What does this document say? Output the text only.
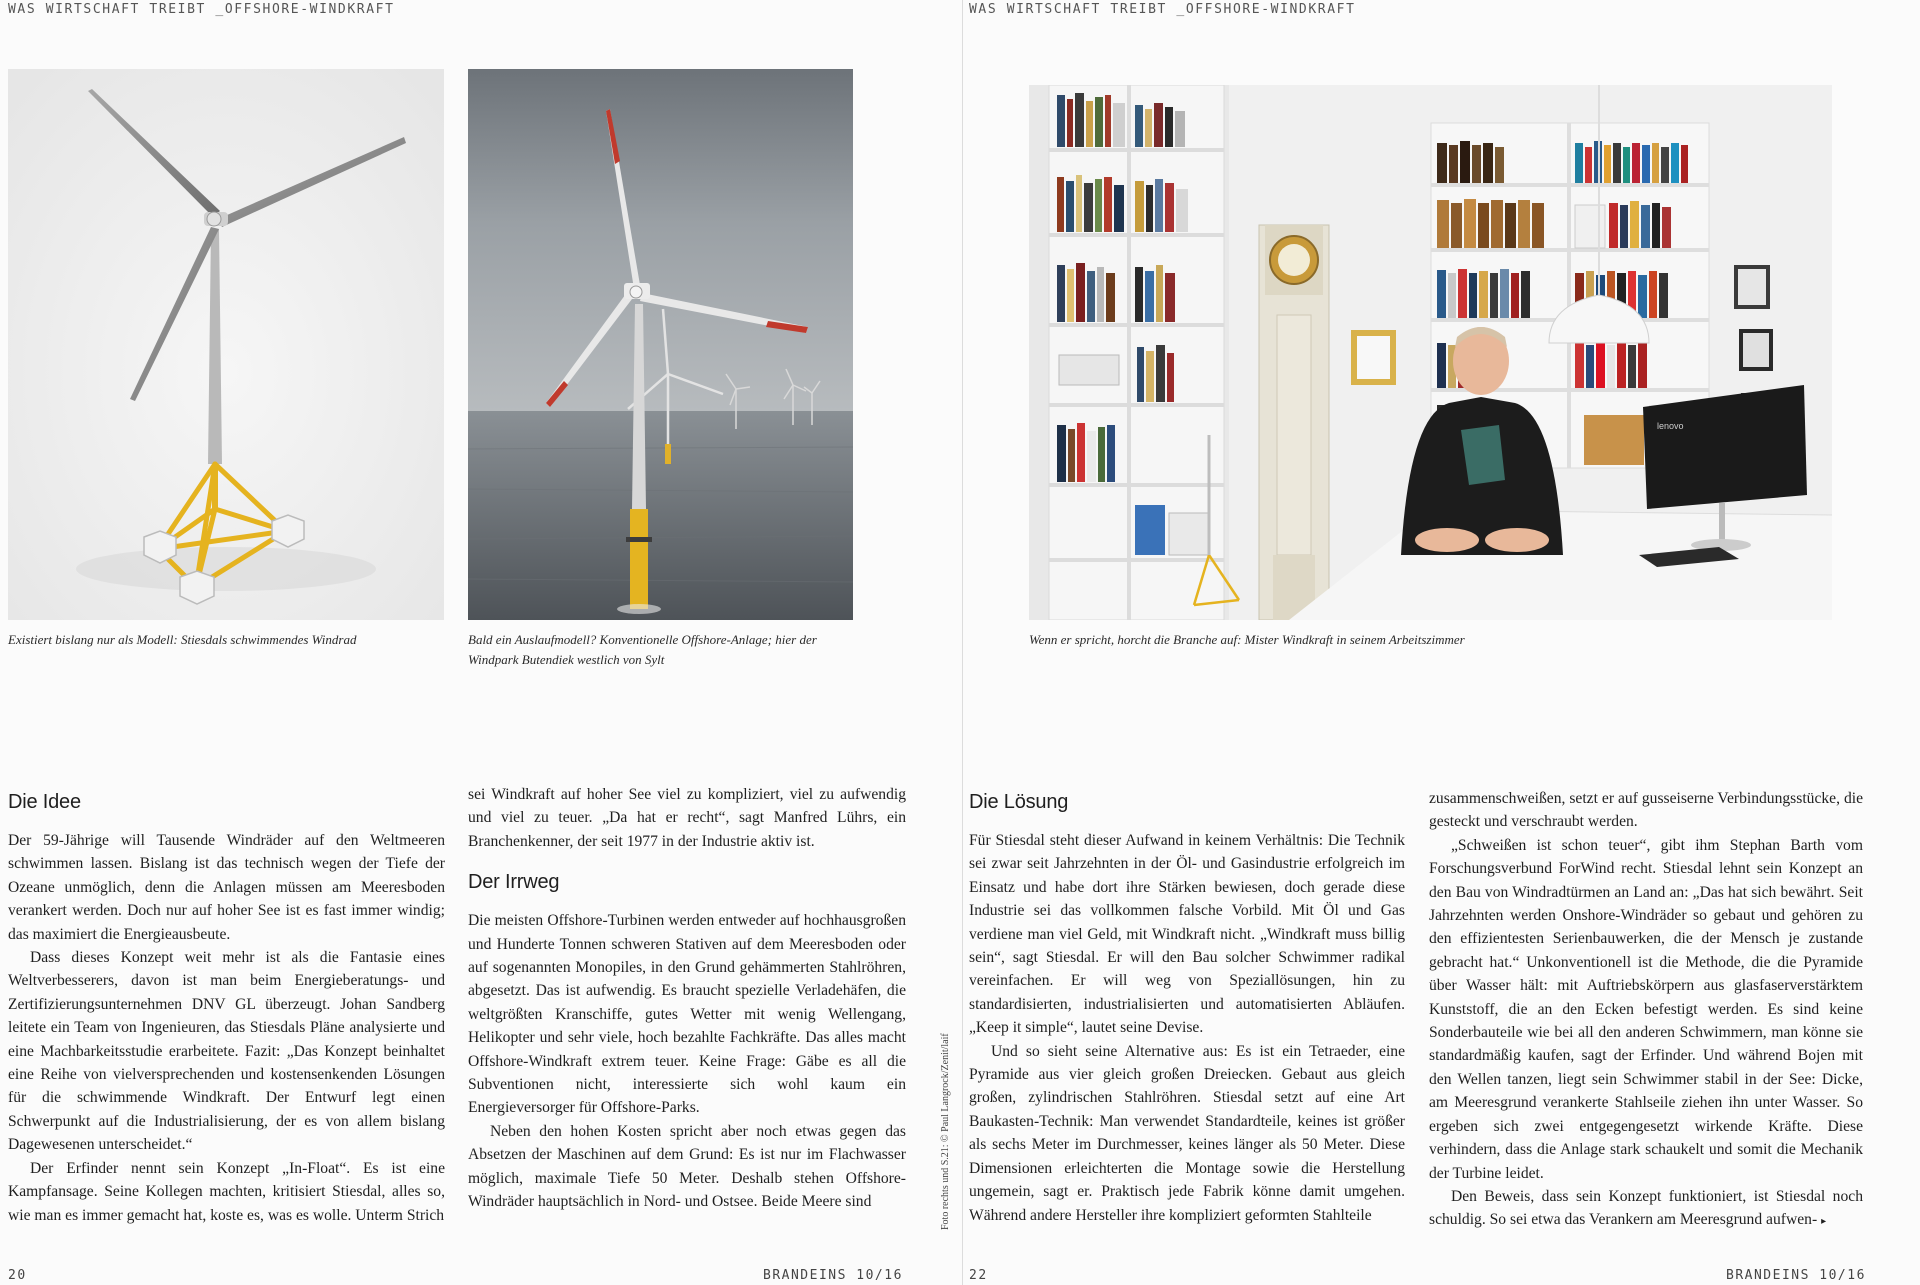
WAS WIRTSCHAFT TREIBT _OFFSHORE-WINDKRAFT
Existiert bislang nur als Modell: Stiesdals schwimmendes Windrad	Bald ein Auslaufmodell? Konventionelle Offshore-Anlage; hier der Windpark Butendiek westlich von Sylt
Die Idee

Der 59-Jährige will Tausende Windräder auf den Weltmeeren schwimmen lassen. Bislang ist das technisch wegen der Tiefe der Ozeane unmöglich, denn die Anlagen müssen am Meeresboden verankert werden. Doch nur auf hoher See ist es fast immer windig; das maximiert die Energieausbeute.

Dass dieses Konzept weit mehr ist als die Fantasie eines Weltverbesserers, davon ist man beim Energieberatungs- und Zertifizierungsunternehmen DNV GL überzeugt. Johan Sandberg leitete ein Team von Ingenieuren, das Stiesdals Pläne analysierte und eine Machbarkeitsstudie erarbeitete. Fazit: „Das Konzept beinhaltet eine Reihe von vielversprechenden und kostensenkenden Lösungen für die schwimmende Windkraft. Der Entwurf legt einen Schwerpunkt auf die Industrialisierung, der es von allem bislang Dagewesenen unterscheidet.“

Der Erfinder nennt sein Konzept „In-Float“. Es ist eine Kampfansage. Seine Kollegen machten, kritisiert Stiesdal, alles so, wie man es immer gemacht hat, koste es, was es wolle. Unterm Strich

sei Windkraft auf hoher See viel zu kompliziert, viel zu aufwendig und viel zu teuer. „Da hat er recht“, sagt Manfred Lührs, ein Branchenkenner, der seit 1977 in der Industrie aktiv ist.

Der Irrweg

Die meisten Offshore-Turbinen werden entweder auf hochhausgroßen und Hunderte Tonnen schweren Stativen auf dem Meeresboden oder auf sogenannten Monopiles, in den Grund gehämmerten Stahlröhren, abgesetzt. Das ist aufwendig. Es braucht spezielle Verladehäfen, die weltgrößten Kranschiffe, gutes Wetter mit wenig Wellengang, Helikopter und sehr viele, hoch bezahlte Fachkräfte. Das alles macht Offshore-Windkraft extrem teuer. Keine Frage: Gäbe es all die Subventionen nicht, interessierte sich wohl kaum ein Energieversorger für Offshore-Parks.

Neben den hohen Kosten spricht aber noch etwas gegen das Absetzen der Maschinen auf dem Grund: Es ist nur im Flachwasser möglich, maximale Tiefe 50 Meter. Deshalb stehen Offshore-Windräder hauptsächlich in Nord- und Ostsee. Beide Meere sind

20	BRANDEINS 10/16
Foto rechts und S.21: © Paul Langrock/Zenit/laif
WAS WIRTSCHAFT TREIBT _OFFSHORE-WINDKRAFT
lenovo
Wenn er spricht, horcht die Branche auf: Mister Windkraft in seinem Arbeitszimmer
Die Lösung

Für Stiesdal steht dieser Aufwand in keinem Verhältnis: Die Technik sei zwar seit Jahrzehnten in der Öl- und Gasindustrie erfolgreich im Einsatz und habe dort ihre Stärken bewiesen, doch gerade diese Industrie sei das vollkommen falsche Vorbild. Mit Öl und Gas verdiene man viel Geld, mit Windkraft nicht. „Windkraft muss billig sein“, sagt Stiesdal. Er will den Bau solcher Schwimmer radikal vereinfachen. Er will weg von Speziallösungen, hin zu standardisierten, industrialisierten und automatisierten Abläufen. „Keep it simple“, lautet seine Devise.

Und so sieht seine Alternative aus: Es ist ein Tetraeder, eine Pyramide aus vier gleich großen Dreiecken. Gebaut aus gleich großen, zylindrischen Stahlröhren. Stiesdal setzt auf eine Art Baukasten-Technik: Man verwendet Standardteile, keines ist größer als sechs Meter im Durchmesser, keines länger als 50 Meter. Diese Dimensionen erleichterten die Montage sowie die Herstellung ungemein, sagt er. Praktisch jede Fabrik könne damit umgehen. Während andere Hersteller ihre kompliziert geformten Stahlteile

zusammenschweißen, setzt er auf gusseiserne Verbindungsstücke, die gesteckt und verschraubt werden.

„Schweißen ist schon teuer“, gibt ihm Stephan Barth vom Forschungsverbund ForWind recht. Stiesdal lehnt sein Konzept an den Bau von Windradtürmen an Land an: „Das hat sich bewährt. Seit Jahrzehnten werden Onshore-Windräder so gebaut und gehören zu den effizientesten Serienbauwerken, die der Mensch je zustande gebracht hat.“ Unkonventionell ist die Methode, die die Pyramide über Wasser hält: mit Auftriebskörpern aus glasfaserverstärktem Kunststoff, die an den Ecken befestigt werden. Es sind keine Sonderbauteile wie bei all den anderen Schwimmern, man könne sie standardmäßig kaufen, sagt der Erfinder. Und während Bojen mit den Wellen tanzen, liegt sein Schwimmer stabil in der See: Dicke, am Meeresgrund verankerte Stahlseile ziehen ihn unter Wasser. So ergeben sich zwei entgegengesetzt wirkende Kräfte. Diese verhindern, dass die Anlage stark schaukelt und somit die Mechanik der Turbine leidet.

Den Beweis, dass sein Konzept funktioniert, ist Stiesdal noch schuldig. So sei etwa das Verankern am Meeresgrund aufwen- ▸

22	BRANDEINS 10/16
